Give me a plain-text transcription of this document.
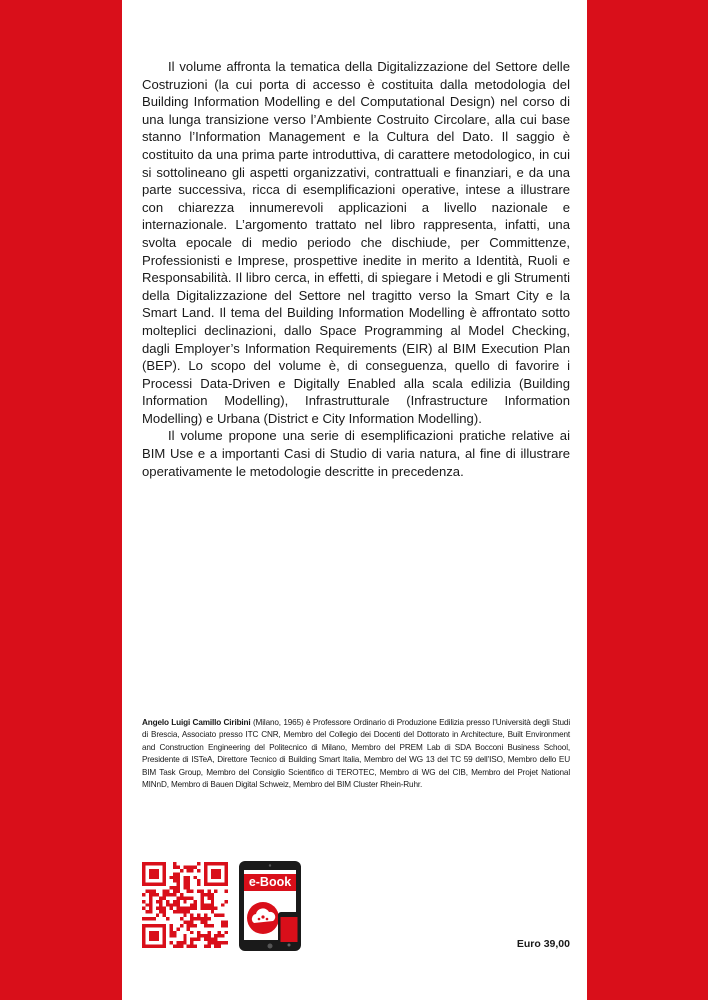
Il volume affronta la tematica della Digitalizzazione del Settore delle Costruzioni (la cui porta di accesso è costituita dalla metodologia del Building Information Modelling e del Computational Design) nel corso di una lunga transizione verso l’Ambiente Costruito Circolare, alla cui base stanno l’Information Management e la Cultura del Dato. Il saggio è costituito da una prima parte introduttiva, di carattere metodologico, in cui si sottolineano gli aspetti organizzativi, contrattuali e finanziari, e da una parte successiva, ricca di esemplificazioni operative, intese a illustrare con chiarezza innumerevoli applicazioni a livello nazionale e internazionale. L’argomento trattato nel libro rappresenta, infatti, una svolta epocale di medio periodo che dischiude, per Committenze, Professionisti e Imprese, prospettive inedite in merito a Identità, Ruoli e Responsabilità. Il libro cerca, in effetti, di spiegare i Metodi e gli Strumenti della Digitalizzazione del Settore nel tragitto verso la Smart City e la Smart Land. Il tema del Building Information Modelling è affrontato sotto molteplici declinazioni, dallo Space Programming al Model Checking, dagli Employer’s Information Requirements (EIR) al BIM Execution Plan (BEP). Lo scopo del volume è, di conseguenza, quello di favorire i Processi Data-Driven e Digitally Enabled alla scala edilizia (Building Information Modelling), Infrastrutturale (Infrastructure Information Modelling) e Urbana (District e City Information Modelling).

Il volume propone una serie di esemplificazioni pratiche relative ai BIM Use e a importanti Casi di Studio di varia natura, al fine di illustrare operativamente le metodologie descritte in precedenza.

Angelo Luigi Camillo Ciribini (Milano, 1965) è Professore Ordinario di Produzione Edilizia presso l’Università degli Studi di Brescia, Associato presso ITC CNR, Membro del Collegio dei Docenti del Dottorato in Architecture, Built Environment and Construction Engineering del Politecnico di Milano, Membro del PREM Lab di SDA Bocconi Business School, Presidente di ISTeA, Direttore Tecnico di Building Smart Italia, Membro del WG 13 del TC 59 dell’ISO, Membro dello EU BIM Task Group, Membro del Consiglio Scientifico di TEROTEC, Membro di WG del CIB, Membro del Projet National MINnD, Membro di Bauen Digital Schweiz, Membro del BIM Cluster Rhein-Ruhr.
e-Book
Euro 39,00
